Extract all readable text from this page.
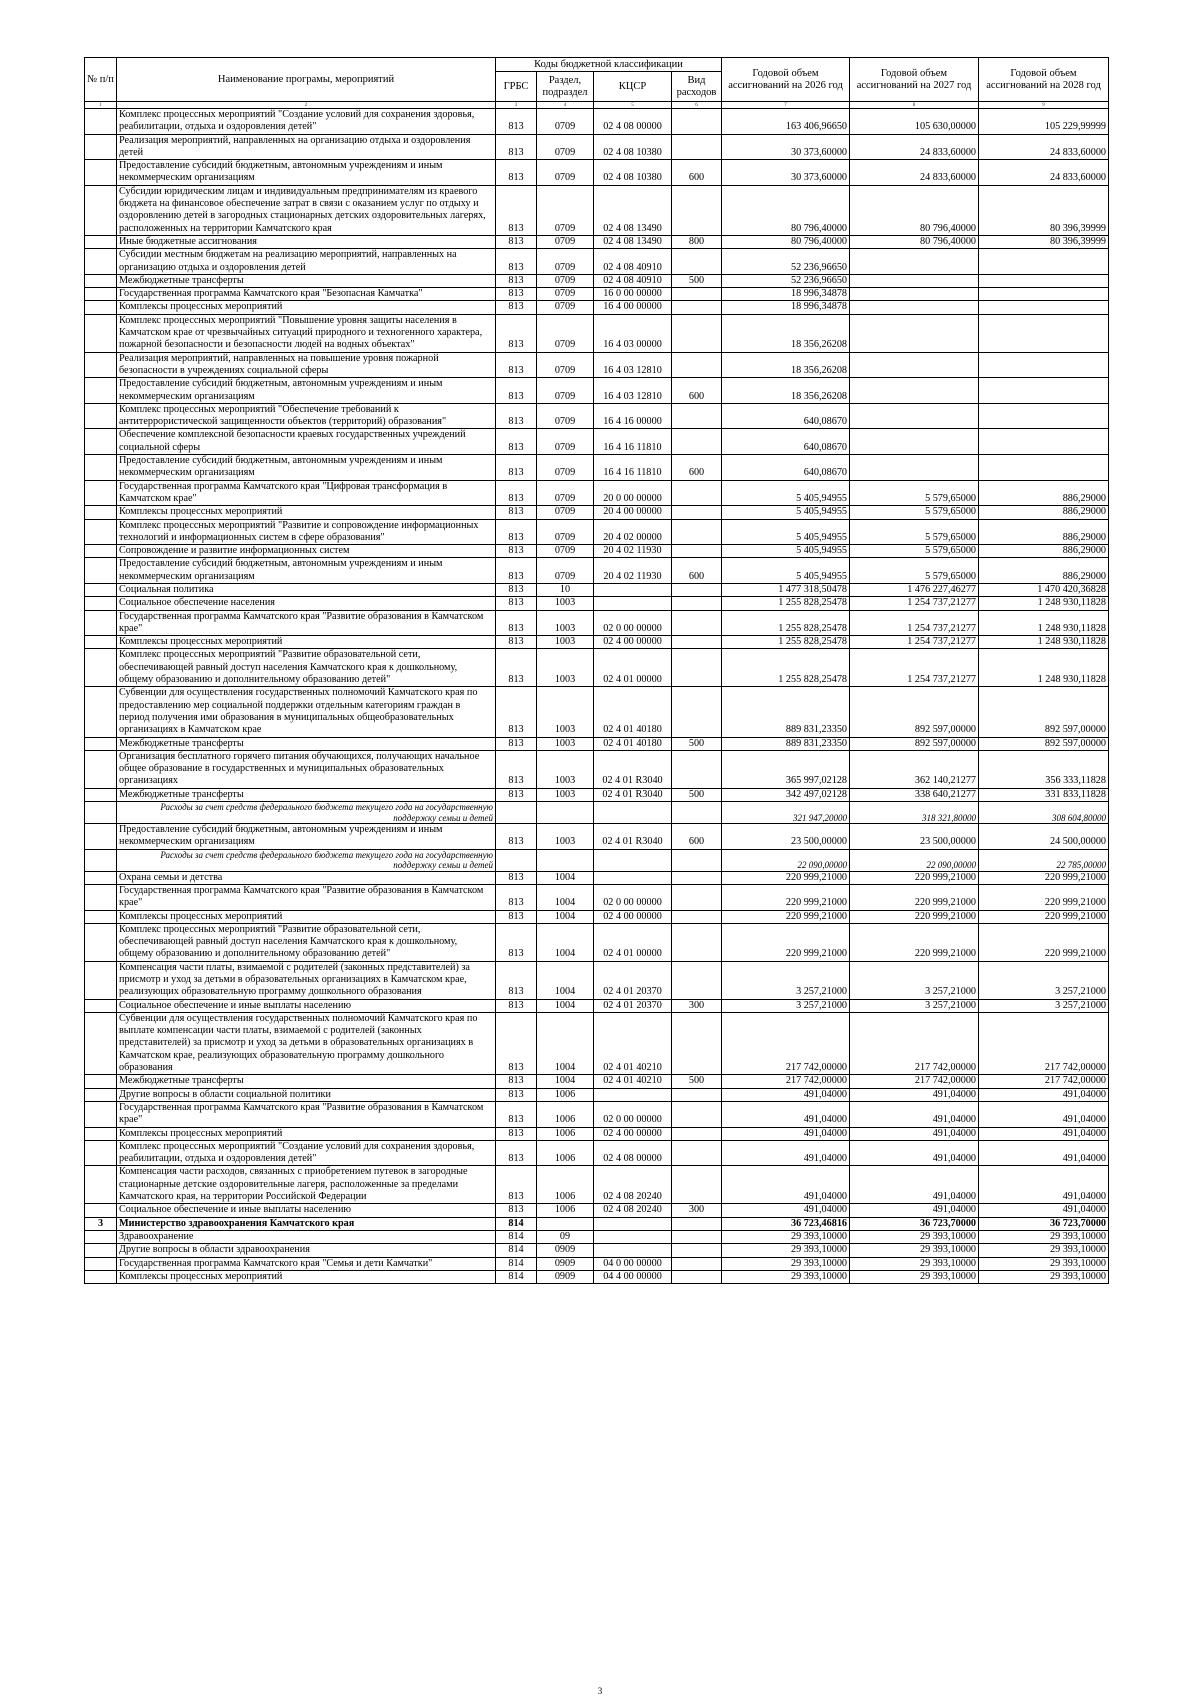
№ п/п	Наименование програмы, мероприятий	Коды бюджетной классификации				Годовой объем ассигнований на 2026 год	Годовой объем ассигнований на 2027 год	Годовой объем ассигнований на 2028 год
		ГРБС	Раздел, подраздел	КЦСР	Вид расходов			
1	2	3	4	5	6	7	8	9
	Комплекс процессных мероприятий "Создание условий для сохранения здоровья, реабилитации, отдыха и оздоровления детей"	813	0709	02 4 08 00000		163 406,96650	105 630,00000	105 229,99999
	Реализация мероприятий, направленных на организацию отдыха и оздоровления детей	813	0709	02 4 08 10380		30 373,60000	24 833,60000	24 833,60000
	Предоставление субсидий бюджетным, автономным учреждениям и иным некоммерческим организациям	813	0709	02 4 08 10380	600	30 373,60000	24 833,60000	24 833,60000
	Субсидии юридическим лицам и индивидуальным предпринимателям из краевого бюджета на финансовое обеспечение затрат в связи с оказанием услуг по отдыху и оздоровлению детей в загородных стационарных детских оздоровительных лагерях, расположенных на территории Камчатского края	813	0709	02 4 08 13490		80 796,40000	80 796,40000	80 396,39999
	Иные бюджетные ассигнования	813	0709	02 4 08 13490	800	80 796,40000	80 796,40000	80 396,39999
	Субсидии местным бюджетам на реализацию мероприятий, направленных на организацию отдыха и оздоровления детей	813	0709	02 4 08 40910		52 236,96650		
	Межбюджетные трансферты	813	0709	02 4 08 40910	500	52 236,96650		
	Государственная программа Камчатского края "Безопасная Камчатка"	813	0709	16 0 00 00000		18 996,34878		
	Комплексы процессных мероприятий	813	0709	16 4 00 00000		18 996,34878		
	Комплекс процессных мероприятий "Повышение уровня защиты населения в Камчатском крае от чрезвычайных ситуаций природного и техногенного характера, пожарной безопасности и безопасности людей на водных объектах"	813	0709	16 4 03 00000		18 356,26208		
	Реализация мероприятий, направленных на повышение уровня пожарной безопасности в учреждениях социальной сферы	813	0709	16 4 03 12810		18 356,26208		
	Предоставление субсидий бюджетным, автономным учреждениям и иным некоммерческим организациям	813	0709	16 4 03 12810	600	18 356,26208		
	Комплекс процессных мероприятий "Обеспечение требований к антитеррористической защищенности объектов (территорий) образования"	813	0709	16 4 16 00000		640,08670		
	Обеспечение комплексной безопасности краевых государственных учреждений социальной сферы	813	0709	16 4 16 11810		640,08670		
	Предоставление субсидий бюджетным, автономным учреждениям и иным некоммерческим организациям	813	0709	16 4 16 11810	600	640,08670		
	Государственная программа Камчатского края "Цифровая трансформация в Камчатском крае"	813	0709	20 0 00 00000		5 405,94955	5 579,65000	886,29000
	Комплексы процессных мероприятий	813	0709	20 4 00 00000		5 405,94955	5 579,65000	886,29000
	Комплекс процессных мероприятий "Развитие и сопровождение информационных технологий и информационных систем в сфере образования"	813	0709	20 4 02 00000		5 405,94955	5 579,65000	886,29000
	Сопровождение и развитие информационных систем	813	0709	20 4 02 11930		5 405,94955	5 579,65000	886,29000
	Предоставление субсидий бюджетным, автономным учреждениям и иным некоммерческим организациям	813	0709	20 4 02 11930	600	5 405,94955	5 579,65000	886,29000
	Социальная политика	813	10			1 477 318,50478	1 476 227,46277	1 470 420,36828
	Социальное обеспечение населения	813	1003			1 255 828,25478	1 254 737,21277	1 248 930,11828
	Государственная программа Камчатского края "Развитие образования в Камчатском крае"	813	1003	02 0 00 00000		1 255 828,25478	1 254 737,21277	1 248 930,11828
	Комплексы процессных мероприятий	813	1003	02 4 00 00000		1 255 828,25478	1 254 737,21277	1 248 930,11828
	Комплекс процессных мероприятий "Развитие образовательной сети, обеспечивающей равный доступ населения Камчатского края к дошкольному, общему образованию и дополнительному образованию детей"	813	1003	02 4 01 00000		1 255 828,25478	1 254 737,21277	1 248 930,11828
	Субвенции для осуществления государственных полномочий Камчатского края по предоставлению мер социальной поддержки отдельным категориям граждан в период получения ими образования в муниципальных общеобразовательных организациях в Камчатском крае	813	1003	02 4 01 40180		889 831,23350	892 597,00000	892 597,00000
	Межбюджетные трансферты	813	1003	02 4 01 40180	500	889 831,23350	892 597,00000	892 597,00000
	Организация бесплатного горячего питания обучающихся, получающих начальное общее образование в государственных и муниципальных образовательных организациях	813	1003	02 4 01 R3040		365 997,02128	362 140,21277	356 333,11828
	Межбюджетные трансферты	813	1003	02 4 01 R3040	500	342 497,02128	338 640,21277	331 833,11828
	Расходы за счет средств федерального бюджета текущего года на государственную поддержку семьи и детей					321 947,20000	318 321,80000	308 604,80000
	Предоставление субсидий бюджетным, автономным учреждениям и иным некоммерческим организациям	813	1003	02 4 01 R3040	600	23 500,00000	23 500,00000	24 500,00000
	Расходы за счет средств федерального бюджета текущего года на государственную поддержку семьи и детей					22 090,00000	22 090,00000	22 785,00000
	Охрана семьи и детства	813	1004			220 999,21000	220 999,21000	220 999,21000
	Государственная программа Камчатского края "Развитие образования в Камчатском крае"	813	1004	02 0 00 00000		220 999,21000	220 999,21000	220 999,21000
	Комплексы процессных мероприятий	813	1004	02 4 00 00000		220 999,21000	220 999,21000	220 999,21000
	Комплекс процессных мероприятий "Развитие образовательной сети, обеспечивающей равный доступ населения Камчатского края к дошкольному, общему образованию и дополнительному образованию детей"	813	1004	02 4 01 00000		220 999,21000	220 999,21000	220 999,21000
	Компенсация части платы, взимаемой с родителей (законных представителей) за присмотр и уход за детьми в образовательных организациях в Камчатском крае, реализующих образовательную программу дошкольного образования	813	1004	02 4 01 20370		3 257,21000	3 257,21000	3 257,21000
	Социальное обеспечение и иные выплаты населению	813	1004	02 4 01 20370	300	3 257,21000	3 257,21000	3 257,21000
	Субвенции для осуществления государственных полномочий Камчатского края по выплате компенсации части платы, взимаемой с родителей (законных представителей) за присмотр и уход за детьми в образовательных организациях в Камчатском крае, реализующих образовательную программу дошкольного образования	813	1004	02 4 01 40210		217 742,00000	217 742,00000	217 742,00000
	Межбюджетные трансферты	813	1004	02 4 01 40210	500	217 742,00000	217 742,00000	217 742,00000
	Другие вопросы в области социальной политики	813	1006			491,04000	491,04000	491,04000
	Государственная программа Камчатского края "Развитие образования в Камчатском крае"	813	1006	02 0 00 00000		491,04000	491,04000	491,04000
	Комплексы процессных мероприятий	813	1006	02 4 00 00000		491,04000	491,04000	491,04000
	Комплекс процессных мероприятий "Создание условий для сохранения здоровья, реабилитации, отдыха и оздоровления детей"	813	1006	02 4 08 00000		491,04000	491,04000	491,04000
	Компенсация части расходов, связанных с приобретением путевок в загородные стационарные детские оздоровительные лагеря, расположенные за пределами Камчатского края, на территории Российской Федерации	813	1006	02 4 08 20240		491,04000	491,04000	491,04000
	Социальное обеспечение и иные выплаты населению	813	1006	02 4 08 20240	300	491,04000	491,04000	491,04000
3	Министерство здравоохранения Камчатского края	814				36 723,46816	36 723,70000	36 723,70000
	Здравоохранение	814	09			29 393,10000	29 393,10000	29 393,10000
	Другие вопросы в области здравоохранения	814	0909			29 393,10000	29 393,10000	29 393,10000
	Государственная программа Камчатского края "Семья и дети Камчатки"	814	0909	04 0 00 00000		29 393,10000	29 393,10000	29 393,10000
	Комплексы процессных мероприятий	814	0909	04 4 00 00000		29 393,10000	29 393,10000	29 393,10000
3
